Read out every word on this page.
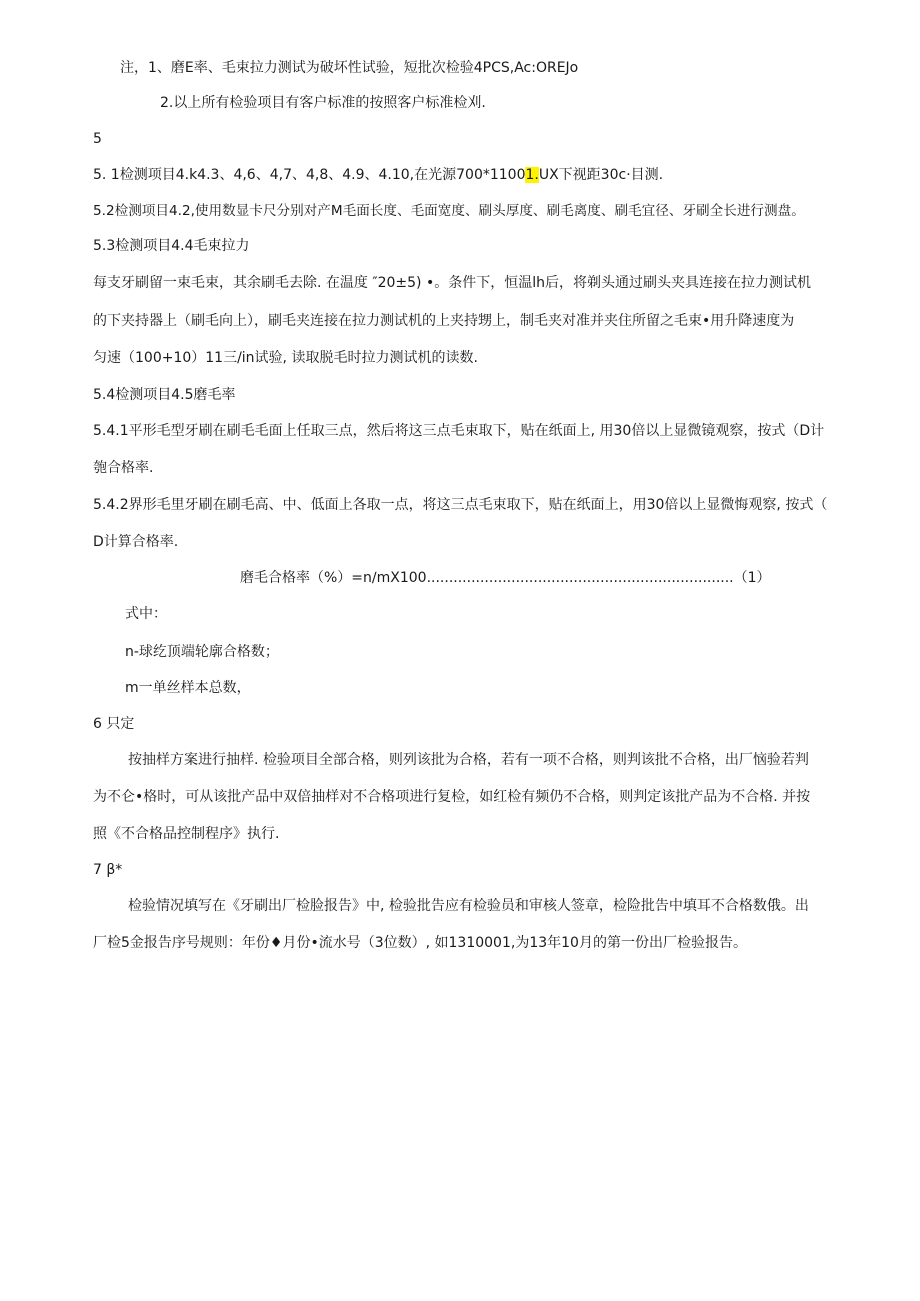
注，1、磨E率、毛束拉力测试为破坏性试验，短批次检验4PCS,Ac:OREJo
2.以上所有检验项目有客户标准的按照客户标准检刈.
5
5. 1检测项目4.k4.3、4,6、4,7、4,8、4.9、4.10,在光源700*11001.UX下视距30c·目测.
5.2检测项目4.2,使用数显卡尺分别对产M毛面长度、毛面宽度、刷头厚度、刷毛离度、刷毛宜径、牙刷全长进行测盘。
5.3检测项目4.4毛束拉力
每支牙刷留一束毛束，其余刷毛去除. 在温度 ″20±5) •。条件下，恒温lh后，将剃头通过刷头夹具连接在拉力测试机
的下夹持器上（刷毛向上），刷毛夹连接在拉力测试机的上夹持甥上，制毛夹对准并夹住所留之毛束•用升降速度为
匀速（100+10）11三/in试验, 读取脱毛时拉力测试机的读数.
5.4检测项目4.5磨毛率
5.4.1平形毛型牙刷在刷毛毛面上任取三点，然后将这三点毛束取下，贴在纸面上, 用30倍以上显微镜观察，按式（D计
匏合格率.
5.4.2界形毛里牙刷在刷毛高、中、低面上各取一点，将这三点毛束取下，贴在纸面上，用30倍以上显微悔观察, 按式（
D计算合格率.
磨毛合格率（%）=n∕mX100.....................................................................（1）
式中：
n-球纥顶端轮廓合格数；
m一单丝样本总数，
6 只定
按抽样方案进行抽样. 检验项目全部合格，则列该批为合格，若有一项不合格，则判该批不合格，出厂恼验若判
为不仑•格时，可从该批产品中双倍抽样对不合格项进行复检，如红检有频仍不合格，则判定该批产品为不合格. 并按
照《不合格品控制程序》执行.
7 β*
检验情况填写在《牙刷出厂检脸报告》中, 检验批告应有检验员和审核人签章，检险批告中填耳不合格数俄。出
厂检5金报告序号规则：年份♦月份•流水号（3位数）, 如1310001,为13年10月的第一份出厂检验报告。
